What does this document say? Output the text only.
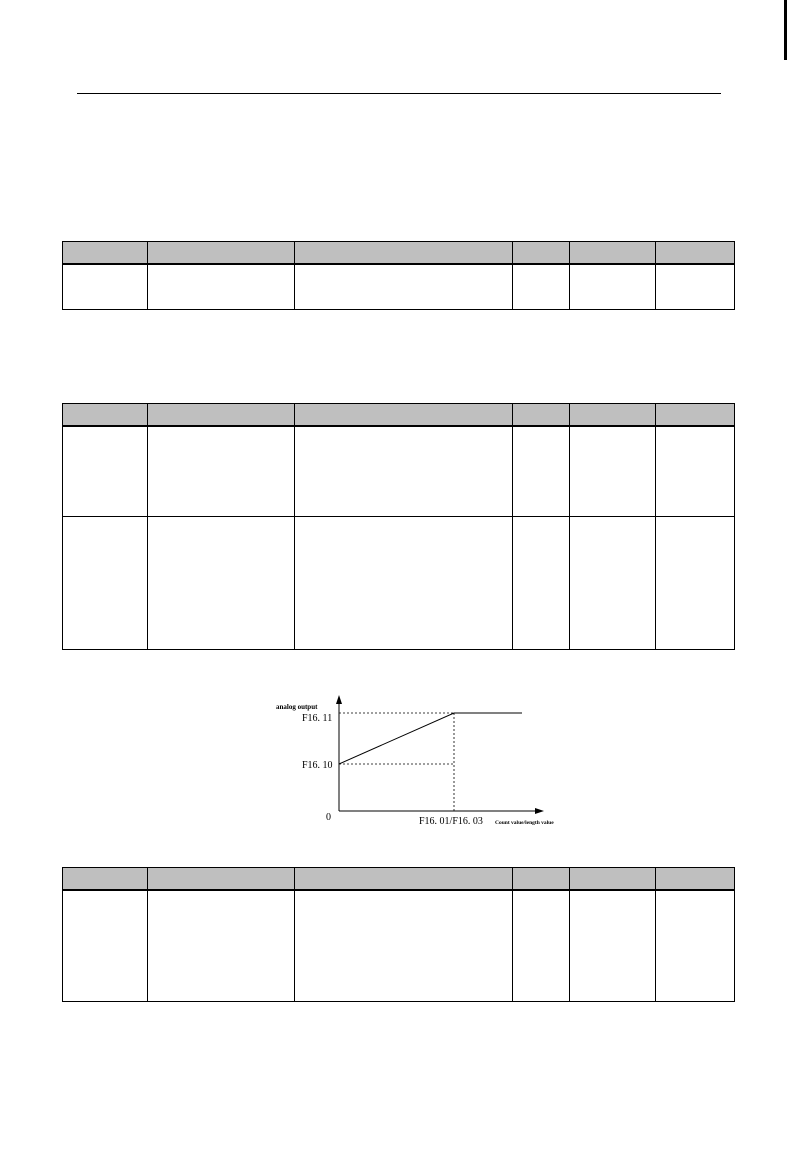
analog output
F16. 11
F16. 10
0	F16. 01/F16. 03 Count value/length value
